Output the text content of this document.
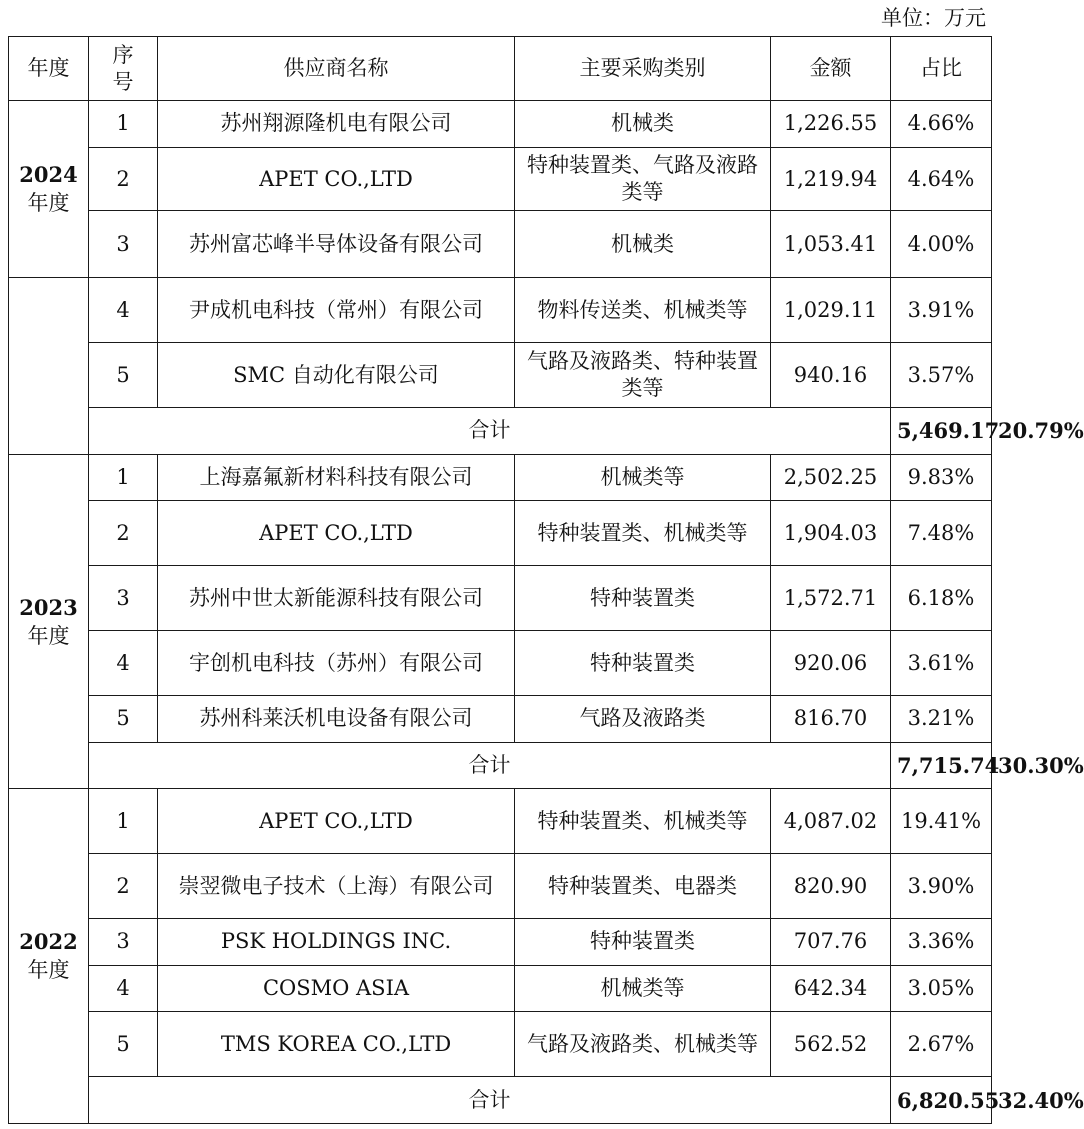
单位：万元
年度	序号	供应商名称	主要采购类别	金额	占比	

2024
年度	1	苏州翔源隆机电有限公司	机械类	1,226.55	4.66%	
	2	APET CO.,LTD	特种装置类、气路及液路类等	1,219.94	4.64%	
	3	苏州富芯峰半导体设备有限公司	机械类	1,053.41	4.00%	
	4	尹成机电科技（常州）有限公司	物料传送类、机械类等	1,029.11	3.91%	
	5	SMC 自动化有限公司	气路及液路类、特种装置类等	940.16	3.57%	
	合计				5,469.17	20.79%

2023
年度	1	上海嘉氟新材料科技有限公司	机械类等	2,502.25	9.83%	
	2	APET CO.,LTD	特种装置类、机械类等	1,904.03	7.48%	
	3	苏州中世太新能源科技有限公司	特种装置类	1,572.71	6.18%	
	4	宇创机电科技（苏州）有限公司	特种装置类	920.06	3.61%	
	5	苏州科莱沃机电设备有限公司	气路及液路类	816.70	3.21%	
	合计				7,715.74	30.30%

2022
年度	1	APET CO.,LTD	特种装置类、机械类等	4,087.02	19.41%	
	2	崇翌微电子技术（上海）有限公司	特种装置类、电器类	820.90	3.90%	
	3	PSK HOLDINGS INC.	特种装置类	707.76	3.36%	
	4	COSMO ASIA	机械类等	642.34	3.05%	
	5	TMS KOREA CO.,LTD	气路及液路类、机械类等	562.52	2.67%	
	合计				6,820.55	32.40%
